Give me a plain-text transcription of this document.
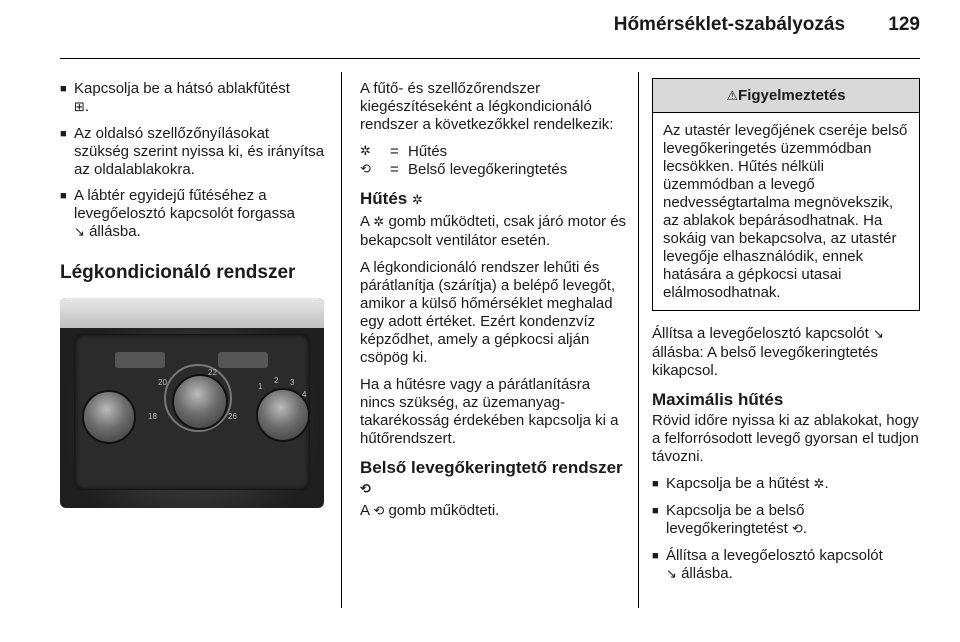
Hőmérséklet-szabályozás 129
■ Kapcsolja be a hátsó ablakfűtést
⊞.
■ Az oldalsó szellőzőnyílásokat szükség szerint nyissa ki, és irányítsa az oldalablakokra.
■ A lábtér egyidejű fűtéséhez a levegőelosztó kapcsolót forgassa
↘ állásba.
Légkondicionáló rendszer
20
22
18	26
1
2 3
4

A fűtő- és szellőzőrendszer kiegészítéseként a légkondicionáló rendszer a következőkkel rendelkezik:

✲	= Hűtés
⟲	= Belső levegőkeringtetés
Hűtés ✲

A ✲ gomb működteti, csak járó motor és bekapcsolt ventilátor esetén.

A légkondicionáló rendszer lehűti és párátlanítja (szárítja) a belépő levegőt, amikor a külső hőmérséklet meghalad egy adott értéket. Ezért kondenzvíz képződhet, amely a gépkocsi alján csöpög ki.

Ha a hűtésre vagy a párátlanításra nincs szükség, az üzemanyag-takarékosság érdekében kapcsolja ki a hűtőrendszert.

Belső levegőkeringtető rendszer ⟲

A ⟲ gomb működteti.

⚠Figyelmeztetés
Az utastér levegőjének cseréje belső levegőkeringetés üzemmódban lecsökken. Hűtés nélküli üzemmódban a levegő nedvességtartalma megnövekszik, az ablakok bepárásodhatnak. Ha sokáig van bekapcsolva, az utastér levegője elhasználódik, ennek hatására a gépkocsi utasai elálmosodhatnak.

Állítsa a levegőelosztó kapcsolót ↘ állásba: A belső levegőkeringtetés kikapcsol.

Maximális hűtés

Rövid időre nyissa ki az ablakokat, hogy a felforrósodott levegő gyorsan el tudjon távozni.

■ Kapcsolja be a hűtést ✲.
■ Kapcsolja be a belső levegőkeringtetést ⟲.
■ Állítsa a levegőelosztó kapcsolót
↘ állásba.
